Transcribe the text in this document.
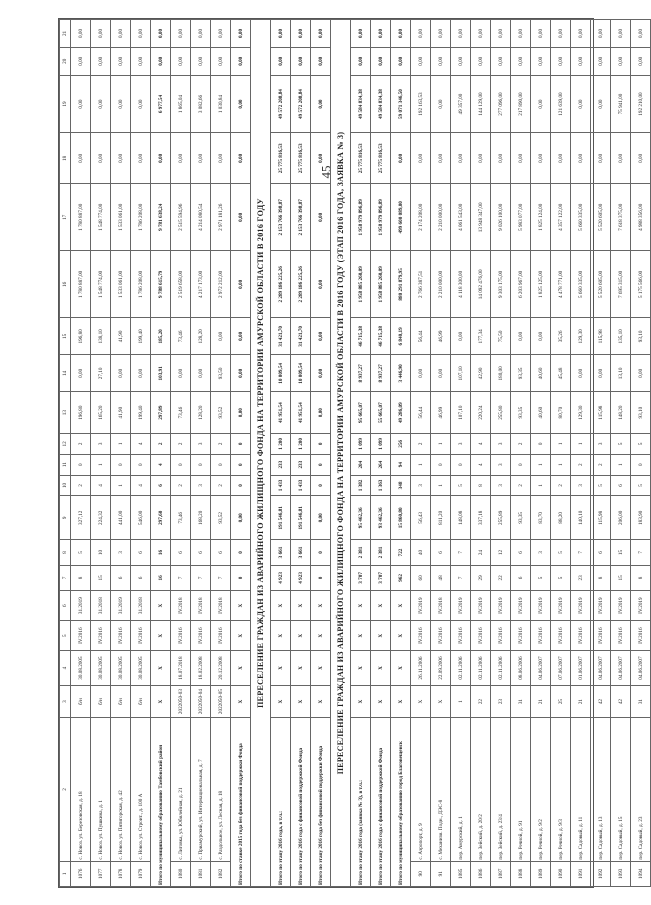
45
1	2	3	4	5	6	7	8	9	10	11	12	13	14	15	16	17	18	19	20	21
1076	с. Новоз. ул. Березовская, д. 18	б/н	30.08.2005	IV.2016	31.2019	8	5	327,12	2	0	2	196,80	0,00	196,80	1 780 887,00	1 780 887,00	0,00	0,00	0,00	0,00
1077	с. Новоз. ул. Пушкина, д. 1	б/н	30.08.2005	IV.2016	31.2018	15	10	224,32	4	1	3	165,20	27,10	138,10	1 548 774,00	1 548 774,00	0,00	0,00	0,00	0,00
1078	с. Новоз. ул. Пятигорская, д. 42	б/н	30.08.2005	IV.2016	31.2019	6	3	441,00	1	0	1	41,90	0,00	41,90	1 533 061,00	1 533 061,00	0,00	0,00	0,00	0,00
1079	с. Новоз. ул. Строит., д. 100 А	б/н	30.08.2005	IV.2016	31.2018	6	6	546,00	4	0	4	199,40	0,00	199,40	1 786 208,00	1 786 208,00	0,00	0,00	0,00	0,00
Итого по муниципальному образованию Тамбовский район		X	X	X	X	16	16	297,60	6	4	2	297,89	103,91	185,20	9 788 615,79	9 781 638,24	0,00	6 977,54	0,00	0,00
1080	с. Лиговка, ул. Юбилейная, д. 21	2022050-03	18.07.2018	IV.2016	IV.2018	7	6	73,46	2	0	2	73,46	0,00	73,46	2 519 658,00	2 515 594,96	0,00	1 865,04	0,00	0,00
1081	с. Приамурский, ул. Интернациональная, д. 7	2022050-04	18.02.2008	IV.2016	IV.2018	7	6	168,20	3	0	3	128,20	0,00	128,20	4 217 173,00	4 214 080,54	0,00	3 082,66	0,00	0,00
1082	с. Раздольное, ул. Лесная, д. 18	2022050-05	20.12.2008	IV.2016	IV.2018	7	6	93,52	2	0	2	93,52	93,50	0,00	2 972 212,00	2 971 181,26	0,00	1 030,84	0,00	0,00
Итого по ставке 2015 года без финансовой поддержки Фонда		X	X	X	X	0	0	0,00	0	0	0	0,00	0,00	0,00	0,00	0,00	0,00	0,00	0,00	0,00
ПЕРЕСЕЛЕНИЕ ГРАЖДАН ИЗ АВАРИЙНОГО ЖИЛИЩНОГО ФОНДА НА ТЕРРИТОРИИ АМУРСКОЙ ОБЛАСТИ В 2016 ГОДУ																				
Итого по этапу 2016 года, в т.ч.:		X	X	X	X	4 923	3 661	191 546,81	1 433	233	1 200	41 951,54	10 009,54	31 421,70	2 289 186 225,26	2 153 766 398,87	25 775 816,53	49 572 208,84	0,00	0,00
Итого по этапу 2016 года с финансовой поддержкой Фонда		X	X	X	X	4 923	3 661	191 546,81	1 433	233	1 200	41 951,54	10 009,54	31 421,70	2 289 186 225,26	2 153 766 398,87	25 775 816,53	49 572 208,84	0,00	0,00
Итого по этапу 2016 года без финансовой поддержки Фонда		X	X	X	X	0	0	0,00	0	0	0	0,00	0,00	0,00	0,00	0,00	0,00	0,00	0,00	0,00
ПЕРЕСЕЛЕНИЕ ГРАЖДАН ИЗ АВАРИЙНОГО ЖИЛИЩНОГО ФОНДА НА ТЕРРИТОРИИ АМУРСКОЙ ОБЛАСТИ В 2016 ГОДУ (ЭТАП 2016 ГОДА, ЗАЯВКА № 3)																				
Итого по этапу 2016 года (заявка № 3), в т.ч.:		X	X	X	X	3 707	2 381	95 462,36	1 382	204	1 099	95 665,07	8 937,27	46 715,38	1 958 885 260,09	1 958 979 896,89	25 775 816,53	49 584 834,38	0,00	0,00
Итого по этапу 2016 года с финансовой поддержкой Фонда		X	X	X	X	3 707	2 381	93 462,36	1 363	264	1 099	55 665,07	8 937,27	46 715,38	1 958 885 260,09	1 958 979 896,89	25 775 816,53	49 584 834,38	0,00	0,00
Итого по муниципальному образованию город Благовещенск		X	X	X	X	962	722	15 860,80	348	94	256	49 286,09	3 446,90	6 840,19	880 291 879,95	499 600 089,00	0,00	59 071 346,50	0,00	0,00
90	с. Аэропорт, д. 9	X	26.11.2006	IV.2016	IV.2019	60	40	56,43	3	1	2	56,44	0,00	56,44	2 766 387,51	2 174 208,00	0,00	192 163,53	0,00	0,00
91	с. Механизи. Подн., ДЭС-8	X	22.09.2006	IV.2016	IV.2018	48	6	811,20	1	0	1	46,99	0,00	46,99	2 210 000,00	2 210 000,00	0,00	0,00	0,00	0,00
1085	пер. Амурский, д. 1	1	02.11.2006	IV.2016	IV.2019	7	7	148,08	5	0	3	107,10	107,10	0,00	4 118 300,00	4 061 543,00	0,00	49 357,00	0,00	0,00
1086	пер. Зейский, д. 20/2	22	02.11.2006	IV.2016	IV.2019	29	24	337,18	8	4	4	220,24	42,90	177,34	14 092 476,00	13 948 347,00	0,00	144 129,00	0,00	0,00
1087	пер. Зейский, д. 23/4	23	02.11.2006	IV.2016	IV.2019	22	12	255,89	3	3	3	255,80	180,00	75,50	9 303 175,00	9 026 100,00	0,00	277 096,00	0,00	0,00
1088	пер. Речной, д. 91	31	08.06.2006	IV.2016	IV.2019	6	6	93,35	2	0	2	93,35	93,35	0,00	6 203 967,00	5 983 077,00	0,00	217 890,00	0,00	0,00
1089	пер. Речной, д. 9/2	21	04.06.2007	IV.2016	IV.2019	5	3	83,70	1	1	0	40,60	40,60	0,00	1 825 125,00	1 825 124,00	0,00	0,00	0,00	0,00
1090	пер. Речной, д. 9/3	25	07.06.2007	IV.2016	IV.2019	5	5	88,20	2	1	1	80,70	45,48	35,26	4 478 771,00	4 357 122,00	0,00	121 639,00	0,00	0,00
1091	пер. Садовый, д. 11	21	01.06.2007	IV.2016	IV.2019	23	7	140,10	3	2	1	129,30	0,00	129,30	5 660 335,00	5 660 335,00	0,00	0,00	0,00	0,00
1092	пер. Садовый, д. 13	42	04.06.2007	IV.2016	IV.2019	8	6	115,98	5	2	3	115,98	0,00	115,98	5 520 605,00	5 520 605,00	0,00	0,00	0,00	0,00
1093	пер. Садовый, д. 15	42	04.06.2007	IV.2016	IV.2019	15	15	206,00	6	1	5	148,20	13,10	135,10	7 695 315,00	7 618 375,00	0,00	75 941,00	0,00	0,00
1094	пер. Садовый, д. 23	31	04.06.2007	IV.2016	IV.2019	8	7	183,90	5	0	5	93,10	0,00	93,10	5 175 566,00	4 988 356,00	0,00	192 210,00	0,00	0,00
